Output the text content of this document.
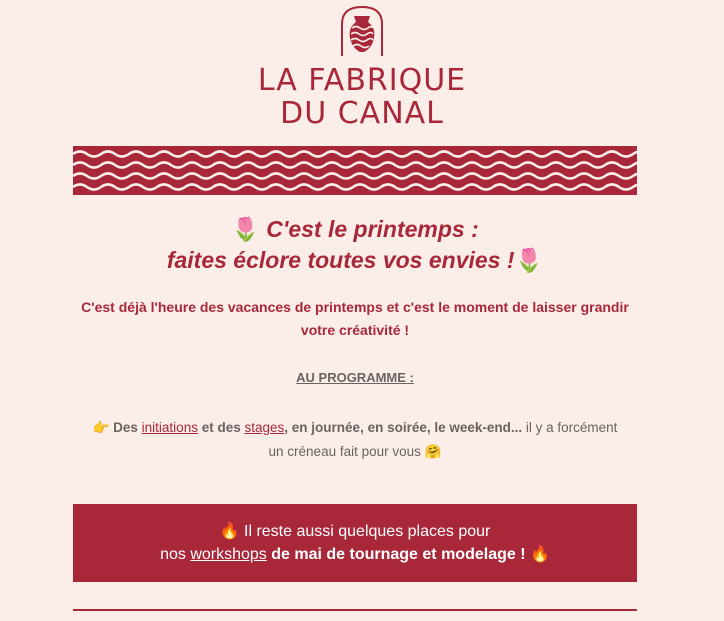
LA FABRIQUE
DU CANAL
🌷 C'est le printemps :
faites éclore toutes vos envies !🌷
C'est déjà l'heure des vacances de printemps et c'est le moment de laisser grandir
votre créativité !
AU PROGRAMME :
👉 Des initiations et des stages, en journée, en soirée, le week-end... il y a forcément
un créneau fait pour vous 🤗
🔥 Il reste aussi quelques places pour
nos workshops de mai de tournage et modelage ! 🔥
